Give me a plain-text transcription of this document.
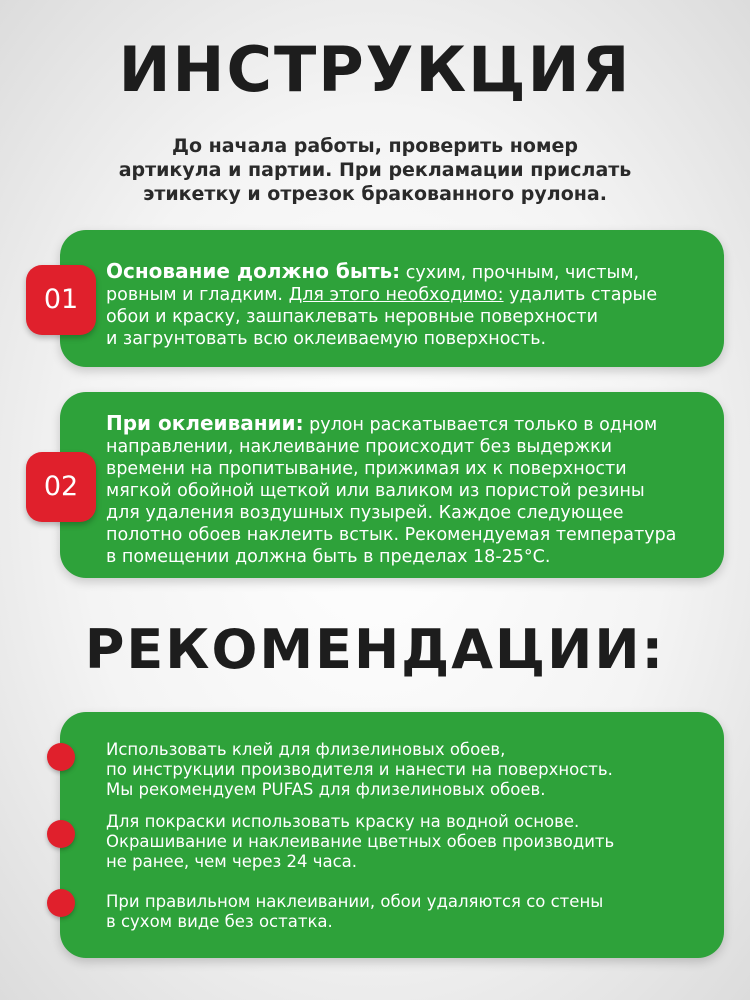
ИНСТРУКЦИЯ
До начала работы, проверить номер
артикула и партии. При рекламации прислать
этикетку и отрезок бракованного рулона.
Основание должно быть: сухим, прочным, чистым,
ровным и гладким. Для этого необходимо: удалить старые
обои и краску, зашпаклевать неровные поверхности
и загрунтовать всю оклеиваемую поверхность.
01
При оклеивании: рулон раскатывается только в одном
направлении, наклеивание происходит без выдержки
времени на пропитывание, прижимая их к поверхности
мягкой обойной щеткой или валиком из пористой резины
для удаления воздушных пузырей. Каждое следующее
полотно обоев наклеить встык. Рекомендуемая температура
в помещении должна быть в пределах 18-25°С.
02
РЕКОМЕНДАЦИИ:
Использовать клей для флизелиновых обоев,
по инструкции производителя и нанести на поверхность.
Мы рекомендуем PUFAS для флизелиновых обоев.
Для покраски использовать краску на водной основе.
Окрашивание и наклеивание цветных обоев производить
не ранее, чем через 24 часа.
При правильном наклеивании, обои удаляются со стены
в сухом виде без остатка.
